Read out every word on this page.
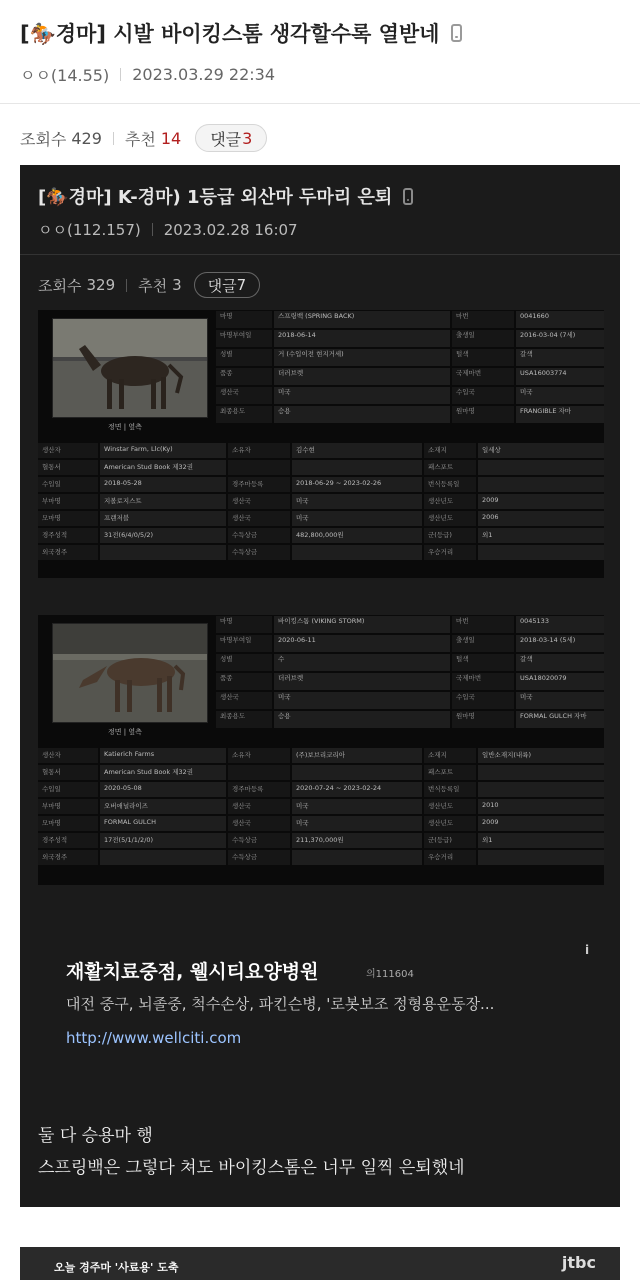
[🏇경마] 시발 바이킹스톰 생각할수록 열받네
ㅇㅇ(14.55) 2023.03.29 22:34
조회수 429 추천 14 댓글 3
[🏇경마] K-경마) 1등급 외산마 두마리 은퇴
ㅇㅇ(112.157) 2023.02.28 16:07
조회수 329 추천 3 댓글 7
정면 | 옆측
마명	스프링백 (SPRING BACK)	마번	0041660
마명부여일	2018-06-14	출생일	2016-03-04 (7세)
성별	거 (수입이전 현지거세)	털색	갈색
품종	더러브렛	국제마번	USA16003774
생산국	미국	수입국	미국
최종용도	승용	원마명	FRANGIBLE 자마
생산자	Winstar Farm, Llc(Ky)	소유자	김수현	소재지	일세상
혈통서	American Stud Book 제32권	패스포트
수입일	2018-05-28	경주마등록	2018-06-29 ~ 2023-02-26	번식등록일
부마명	지볼로지스트	생산국	미국	생산년도	2009
모마명	프랜저블	생산국	미국	생산년도	2006
경주성적	31전(6/4/0/5/2)	수득상금	482,800,000원	군(등급)	외1
외국경주	수득상금	우승거리
정면 | 옆측
마명	바이킹스톰 (VIKING STORM)	마번	0045133
마명부여일	2020-06-11	출생일	2018-03-14 (5세)
성별	수	털색	갈색
품종	더러브렛	국제마번	USA18020079
생산국	미국	수입국	미국
최종용도	승용	원마명	FORMAL GULCH 자마
생산자	Katierich Farms	소유자	(주)보브리코리아	소재지	일반소재지(내륙)
혈통서	American Stud Book 제32권	패스포트
수입일	2020-05-08	경주마등록	2020-07-24 ~ 2023-02-24	번식등록일
부마명	오버애널라이즈	생산국	미국	생산년도	2010
모마명	FORMAL GULCH	생산국	미국	생산년도	2009
경주성적	17전(5/1/1/2/0)	수득상금	211,370,000원	군(등급)	외1
외국경주	수득상금	우승거리
재활치료중점, 웰시티요양병원	의111604
i
대전 중구, 뇌졸중, 척수손상, 파킨슨병, '로봇보조 정형용운동장...
http://www.wellciti.com
둘 다 승용마 행
스프링백은 그렇다 쳐도 바이킹스톰은 너무 일찍 은퇴했네
오늘 경주마 '사료용' 도축	jtbc
